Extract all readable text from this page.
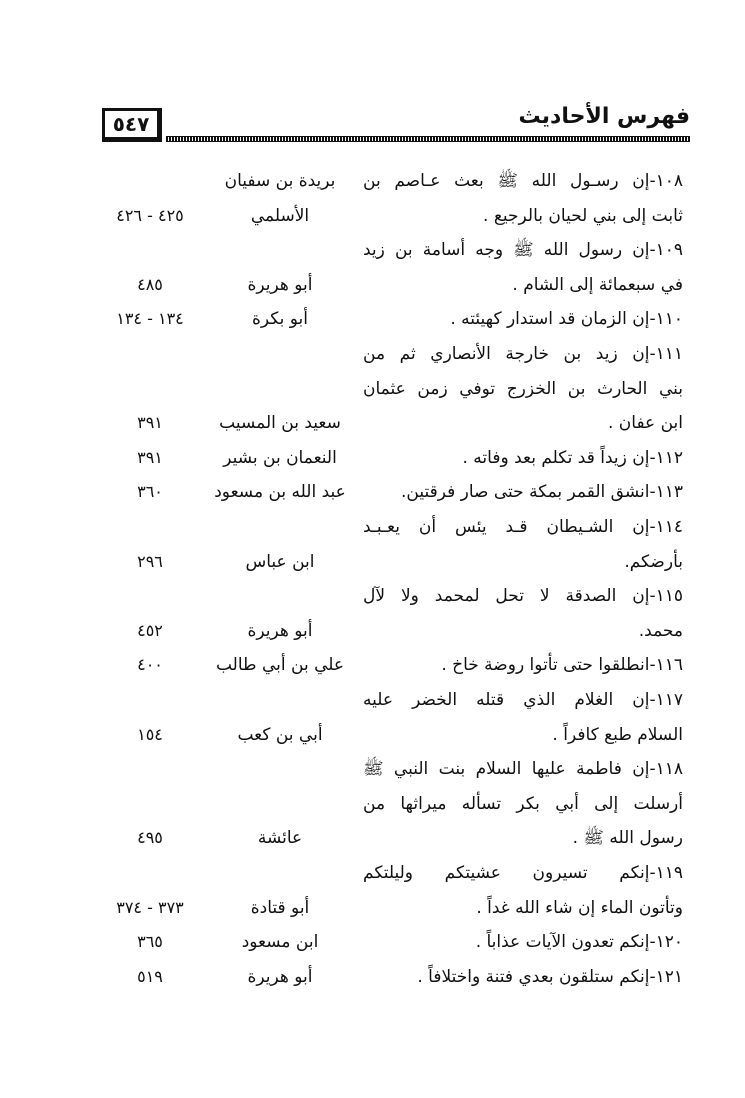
٥٤٧	فهرس الأحاديث
١٠٨-إن رسـول الله ﷺ بعث عـاصم بن
بريدة بن سفيان
ثابت إلى بني لحيان بالرجيع .
الأسلمي
٤٢٥ - ٤٢٦
١٠٩-إن رسول الله ﷺ وجه أسامة بن زيد
في سبعمائة إلى الشام .
أبو هريرة
٤٨٥
١١٠-إن الزمان قد استدار كهيئته .
أبو بكرة
١٣٤ - ١٣٤
١١١-إن زيد بن خارجة الأنصاري ثم من
بني الحارث بن الخزرج توفي زمن عثمان
ابن عفان .
سعيد بن المسيب
٣٩١
١١٢-إن زيداً قد تكلم بعد وفاته .
النعمان بن بشير
٣٩١
١١٣-انشق القمر بمكة حتى صار فرقتين.
عبد الله بن مسعود
٣٦٠
١١٤-إن الشـيطان قـد يئس أن يعـبـد
بأرضكم.
ابن عباس
٢٩٦
١١٥-إن الصدقة لا تحل لمحمد ولا لآل
محمد.
أبو هريرة
٤٥٢
١١٦-انطلقوا حتى تأتوا روضة خاخ .
علي بن أبي طالب
٤٠٠
١١٧-إن الغلام الذي قتله الخضر عليه
السلام طبع كافراً .
أبي بن كعب
١٥٤
١١٨-إن فاطمة عليها السلام بنت النبي ﷺ
أرسلت إلى أبي بكر تسأله ميراثها من
رسول الله ﷺ .
عائشة
٤٩٥
١١٩-إنكم تسيرون عشيتكم وليلتكم
وتأتون الماء إن شاء الله غداً .
أبو قتادة
٣٧٣ - ٣٧٤
١٢٠-إنكم تعدون الآيات عذاباً .
ابن مسعود
٣٦٥
١٢١-إنكم ستلقون بعدي فتنة واختلافاً .
أبو هريرة
٥١٩
